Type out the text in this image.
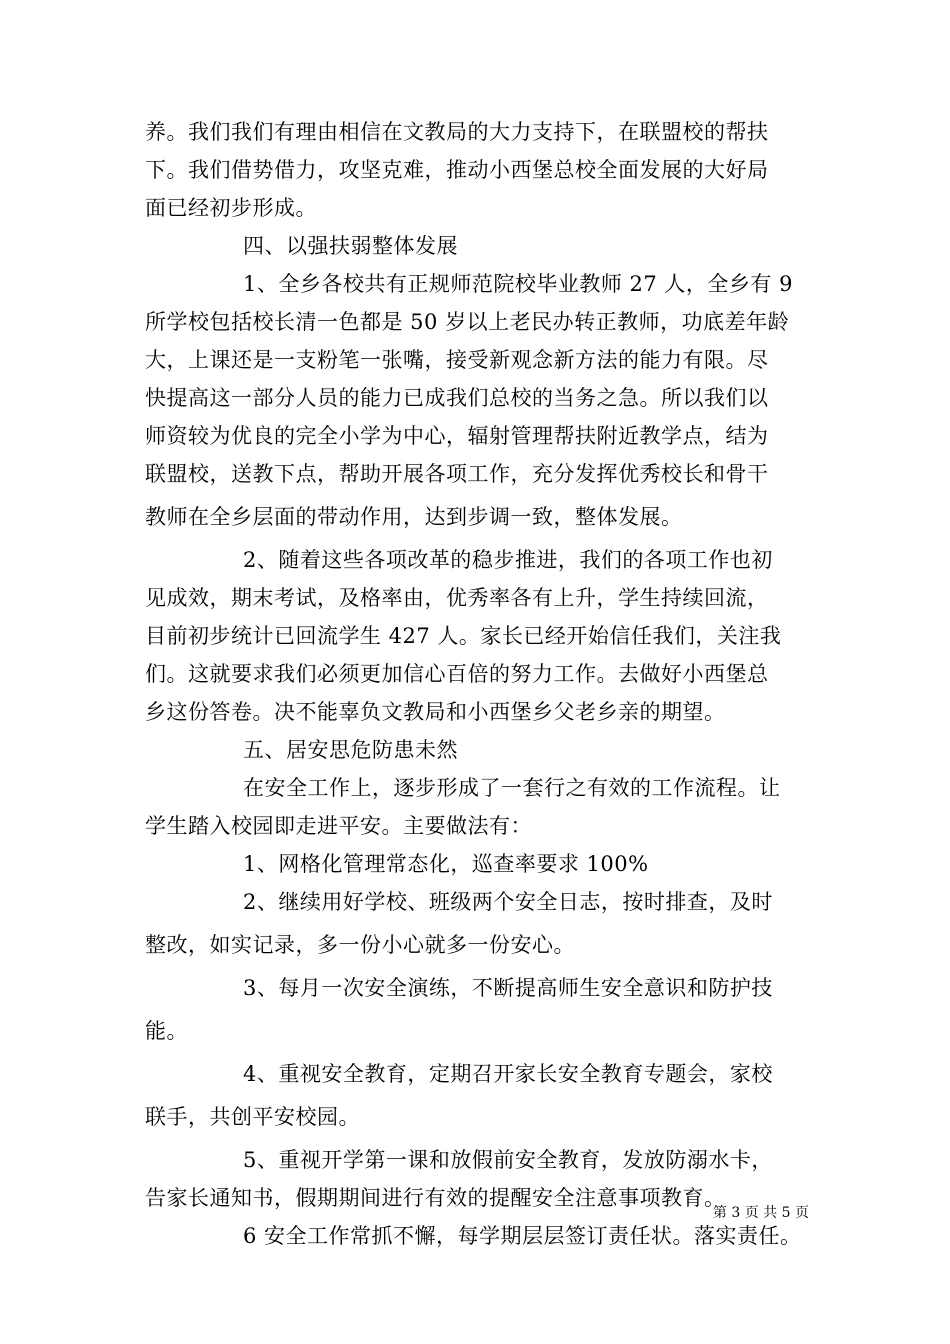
养。我们我们有理由相信在文教局的大力支持下，在联盟校的帮扶
下。我们借势借力，攻坚克难，推动小西堡总校全面发展的大好局
面已经初步形成。
四、以强扶弱整体发展
1、全乡各校共有正规师范院校毕业教师 27 人，全乡有 9
所学校包括校长清一色都是 50 岁以上老民办转正教师，功底差年龄
大，上课还是一支粉笔一张嘴，接受新观念新方法的能力有限。尽
快提高这一部分人员的能力已成我们总校的当务之急。所以我们以
师资较为优良的完全小学为中心，辐射管理帮扶附近教学点，结为
联盟校，送教下点，帮助开展各项工作，充分发挥优秀校长和骨干
教师在全乡层面的带动作用，达到步调一致，整体发展。
2、随着这些各项改革的稳步推进，我们的各项工作也初
见成效，期末考试，及格率由，优秀率各有上升，学生持续回流，
目前初步统计已回流学生 427 人。家长已经开始信任我们，关注我
们。这就要求我们必须更加信心百倍的努力工作。去做好小西堡总
乡这份答卷。决不能辜负文教局和小西堡乡父老乡亲的期望。
五、居安思危防患未然
在安全工作上，逐步形成了一套行之有效的工作流程。让
学生踏入校园即走进平安。主要做法有：
1、网格化管理常态化，巡查率要求 100%
2、继续用好学校、班级两个安全日志，按时排查，及时
整改，如实记录，多一份小心就多一份安心。
3、每月一次安全演练，不断提高师生安全意识和防护技
能。
4、重视安全教育，定期召开家长安全教育专题会，家校
联手，共创平安校园。
5、重视开学第一课和放假前安全教育，发放防溺水卡，
告家长通知书，假期期间进行有效的提醒安全注意事项教育。
6 安全工作常抓不懈，每学期层层签订责任状。落实责任。
第 3 页 共 5 页
